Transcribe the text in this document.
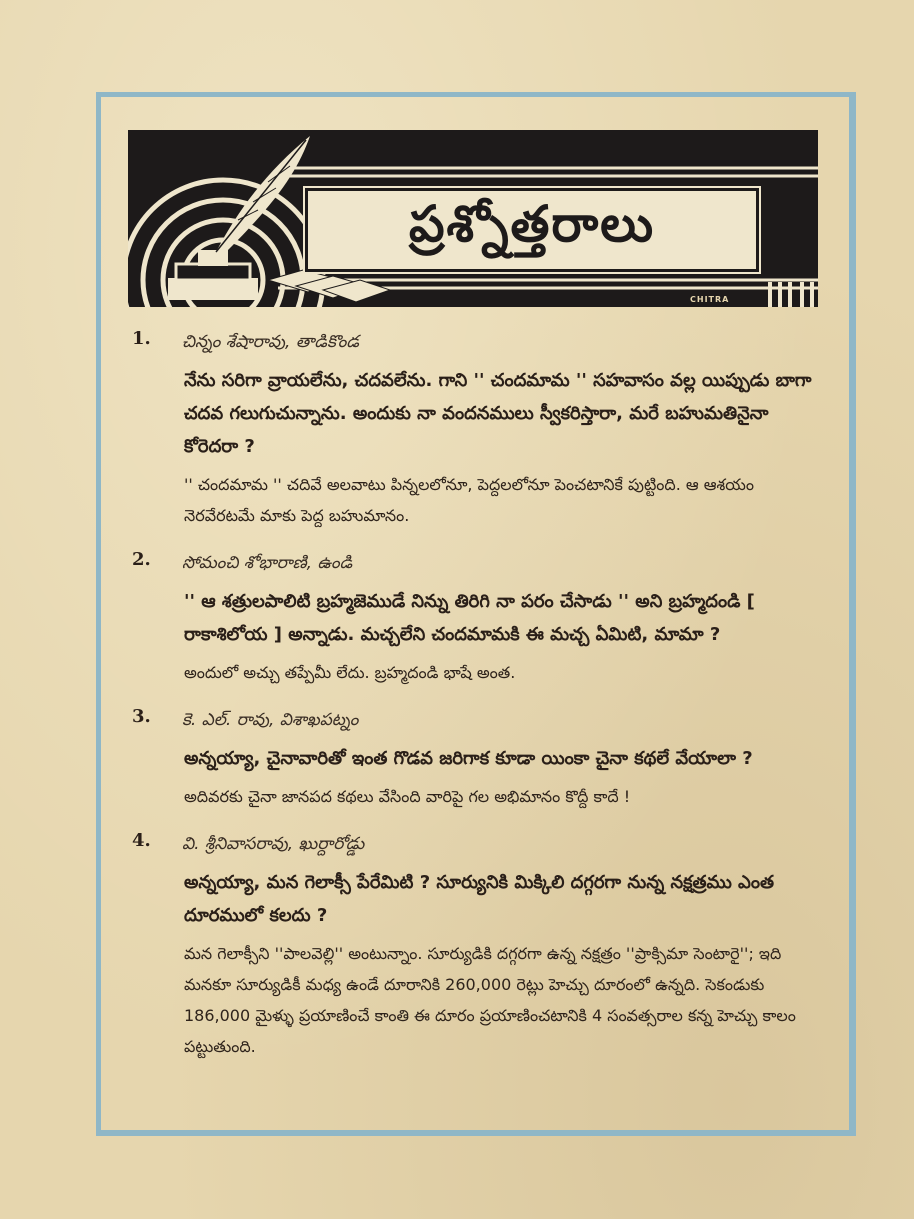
ప్రశ్నోత్తరాలు
CHITRA
1. చిన్నం శేషారావు, తాడికొండ
నేను సరిగా వ్రాయలేను, చదవలేను. గాని '' చందమామ '' సహవాసం వల్ల యిప్పుడు బాగా చదవ గలుగుచున్నాను. అందుకు నా వందనములు స్వీకరిస్తారా, మరే బహుమతినైనా కోరెదరా ?
'' చందమామ '' చదివే అలవాటు పిన్నలలోనూ, పెద్దలలోనూ పెంచటానికే పుట్టింది. ఆ ఆశయం నెరవేరటమే మాకు పెద్ద బహుమానం.
2. సోమంచి శోభారాణి, ఉండి
'' ఆ శత్రులపాలిటి బ్రహ్మజెముడే నిన్ను తిరిగి నా పరం చేసాడు '' అని బ్రహ్మదండి [ రాకాశిలోయ ] అన్నాడు. మచ్చలేని చందమామకి ఈ మచ్చ ఏమిటి, మామా ?
అందులో అచ్చు తప్పేమీ లేదు. బ్రహ్మదండి భాషే అంత.
3. కె. ఎల్. రావు, విశాఖపట్నం
అన్నయ్యా, చైనావారితో ఇంత గొడవ జరిగాక కూడా యింకా చైనా కథలే వేయాలా ?
అదివరకు చైనా జానపద కథలు వేసింది వారిపై గల అభిమానం కొద్దీ కాదే !
4. వి. శ్రీనివాసరావు, ఖుర్దారోడ్డు
అన్నయ్యా, మన గెలాక్సీ పేరేమిటి ? సూర్యునికి మిక్కిలి దగ్గరగా నున్న నక్షత్రము ఎంత దూరములో కలదు ?
మన గెలాక్సీని ''పాలవెల్లి'' అంటున్నాం. సూర్యుడికి దగ్గరగా ఉన్న నక్షత్రం ''ప్రాక్సిమా సెంటారై''; ఇది మనకూ సూర్యుడికీ మధ్య ఉండే దూరానికి 260,000 రెట్లు హెచ్చు దూరంలో ఉన్నది. సెకండుకు 186,000 మైళ్ళు ప్రయాణించే కాంతి ఈ దూరం ప్రయాణించటానికి 4 సంవత్సరాల కన్న హెచ్చు కాలం పట్టుతుంది.
